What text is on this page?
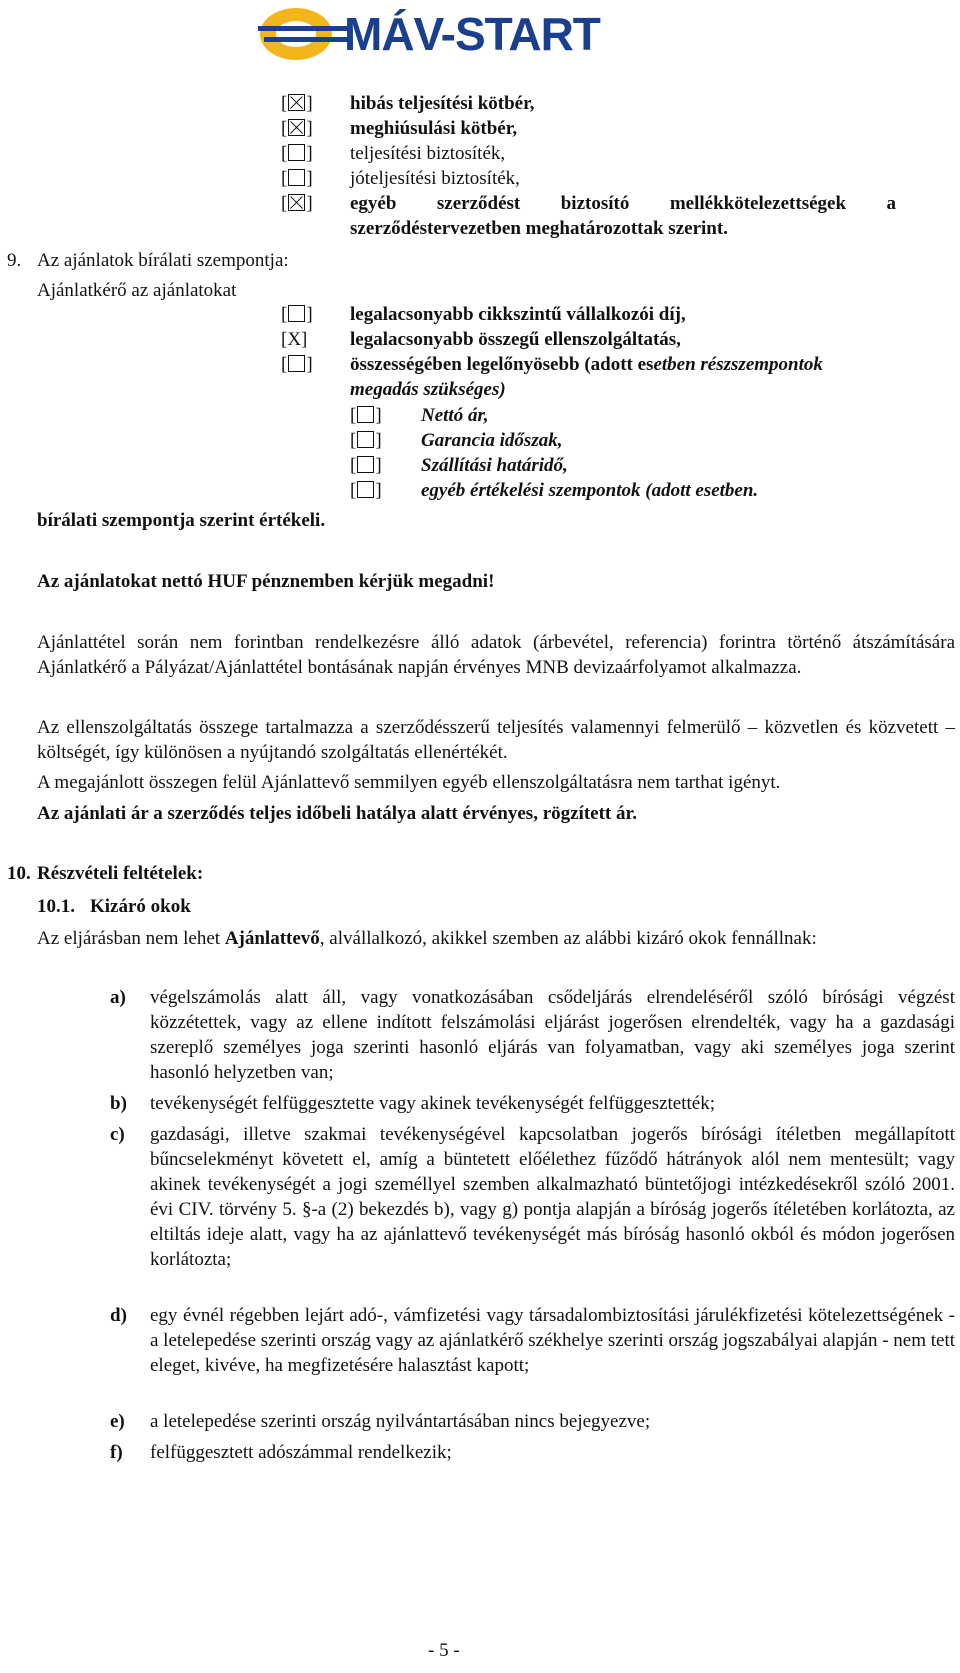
MÁV-START
[ ] hibás teljesítési kötbér,
[ ] meghiúsulási kötbér,
[ ] teljesítési biztosíték,
[ ] jóteljesítési biztosíték,
[ ] egyéb szerződést biztosító mellékkötelezettségek a
szerződéstervezetben meghatározottak szerint.
9. Az ajánlatok bírálati szempontja:
Ajánlatkérő az ajánlatokat
[ ] legalacsonyabb cikkszintű vállalkozói díj,
[X] legalacsonyabb összegű ellenszolgáltatás,
[ ] összességében legelőnyösebb (adott esetben részszempontok
megadás szükséges)
[ ] Nettó ár,
[ ] Garancia időszak,
[ ] Szállítási határidő,
[ ] egyéb értékelési szempontok (adott esetben.
bírálati szempontja szerint értékeli.
Az ajánlatokat nettó HUF pénznemben kérjük megadni!
Ajánlattétel során nem forintban rendelkezésre álló adatok (árbevétel, referencia) forintra történő átszámítására Ajánlatkérő a Pályázat/Ajánlattétel bontásának napján érvényes MNB devizaárfolyamot alkalmazza.
Az ellenszolgáltatás összege tartalmazza a szerződésszerű teljesítés valamennyi felmerülő – közvetlen és közvetett – költségét, így különösen a nyújtandó szolgáltatás ellenértékét.
A megajánlott összegen felül Ajánlattevő semmilyen egyéb ellenszolgáltatásra nem tarthat igényt.
Az ajánlati ár a szerződés teljes időbeli hatálya alatt érvényes, rögzített ár.
10. Részvételi feltételek:
10.1. Kizáró okok
Az eljárásban nem lehet Ajánlattevő, alvállalkozó, akikkel szemben az alábbi kizáró okok fennállnak:
a) végelszámolás alatt áll, vagy vonatkozásában csődeljárás elrendeléséről szóló bírósági végzést közzétettek, vagy az ellene indított felszámolási eljárást jogerősen elrendelték, vagy ha a gazdasági szereplő személyes joga szerinti hasonló eljárás van folyamatban, vagy aki személyes joga szerint hasonló helyzetben van;
b) tevékenységét felfüggesztette vagy akinek tevékenységét felfüggesztették;
c) gazdasági, illetve szakmai tevékenységével kapcsolatban jogerős bírósági ítéletben megállapított bűncselekményt követett el, amíg a büntetett előélethez fűződő hátrányok alól nem mentesült; vagy akinek tevékenységét a jogi személlyel szemben alkalmazható büntetőjogi intézkedésekről szóló 2001. évi CIV. törvény 5. §-a (2) bekezdés b), vagy g) pontja alapján a bíróság jogerős ítéletében korlátozta, az eltiltás ideje alatt, vagy ha az ajánlattevő tevékenységét más bíróság hasonló okból és módon jogerősen korlátozta;
d) egy évnél régebben lejárt adó-, vámfizetési vagy társadalombiztosítási járulékfizetési kötelezettségének - a letelepedése szerinti ország vagy az ajánlatkérő székhelye szerinti ország jogszabályai alapján - nem tett eleget, kivéve, ha megfizetésére halasztást kapott;
e) a letelepedése szerinti ország nyilvántartásában nincs bejegyezve;
f) felfüggesztett adószámmal rendelkezik;
- 5 -
